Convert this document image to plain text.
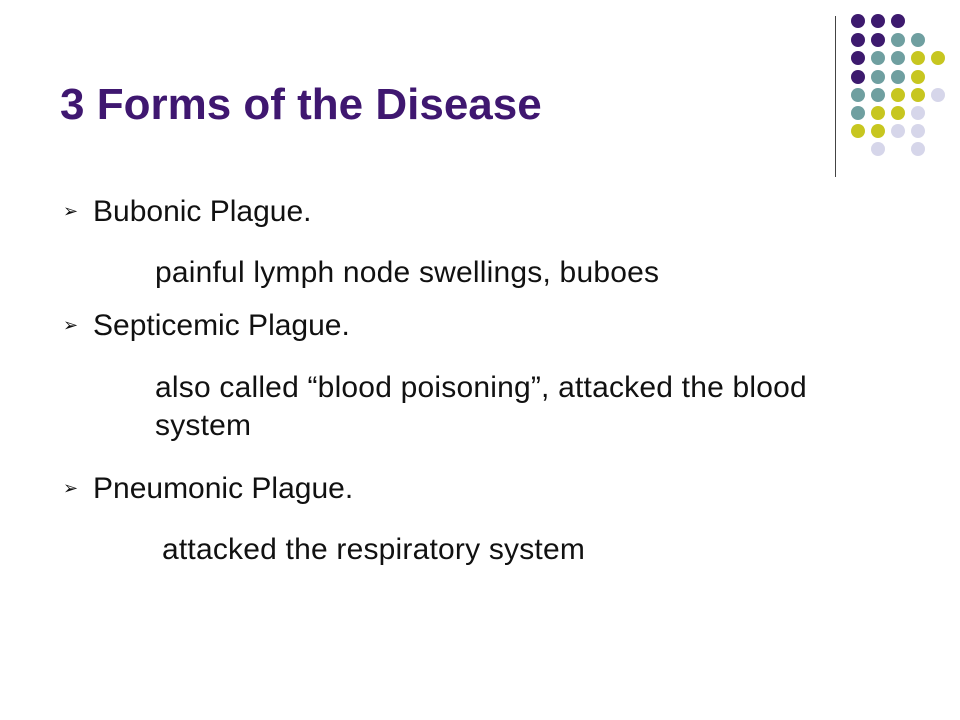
3 Forms of the Disease
➢ Bubonic Plague.
painful lymph node swellings, buboes
➢ Septicemic Plague.
also called “blood poisoning”, attacked the blood system
➢ Pneumonic Plague.
attacked the respiratory system
